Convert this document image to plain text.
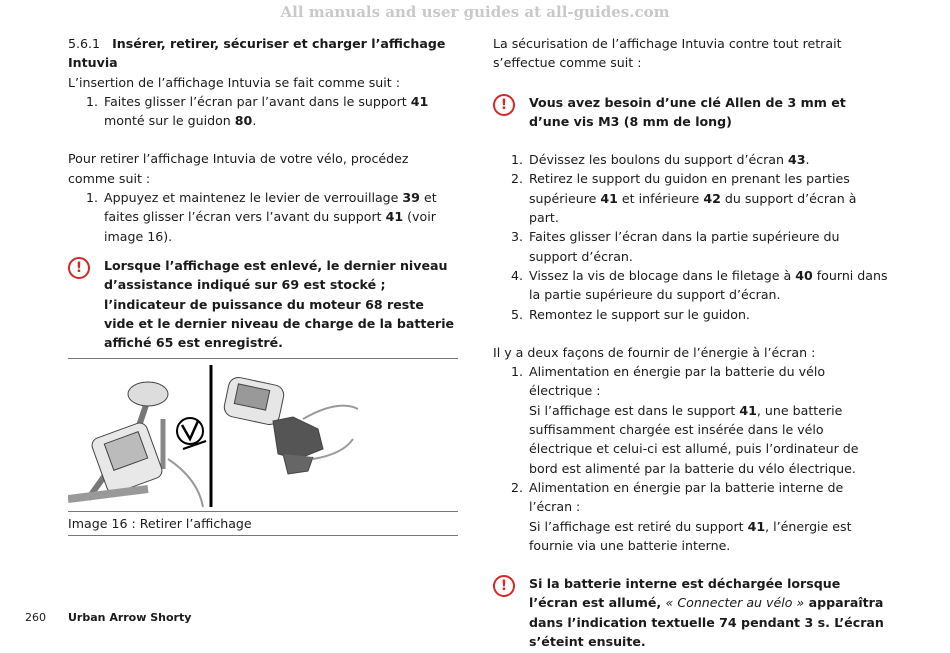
All manuals and user guides at all-guides.com

5.6.1 Insérer, retirer, sécuriser et charger l’affichage Intuvia

L’insertion de l’affichage Intuvia se fait comme suit :

1. Faites glisser l’écran par l’avant dans le support 41 monté sur le guidon 80.

Pour retirer l’affichage Intuvia de votre vélo, procédez comme suit :

1. Appuyez et maintenez le levier de verrouillage 39 et faites glisser l’écran vers l’avant du support 41 (voir image 16).
!	Lorsque l’affichage est enlevé, le dernier niveau d’assistance indiqué sur 69 est stocké ; l’indicateur de puissance du moteur 68 reste vide et le dernier niveau de charge de la batterie affiché 65 est enregistré.

Image 16 : Retirer l’affichage

La sécurisation de l’affichage Intuvia contre tout retrait s’effectue comme suit :

!	Vous avez besoin d’une clé Allen de 3 mm et d’une vis M3 (8 mm de long)
1. Dévissez les boulons du support d’écran 43.
2. Retirez le support du guidon en prenant les parties supérieure 41 et inférieure 42 du support d’écran à part.
3. Faites glisser l’écran dans la partie supérieure du support d’écran.
4. Vissez la vis de blocage dans le filetage à 40 fourni dans la partie supérieure du support d’écran.
5. Remontez le support sur le guidon.

Il y a deux façons de fournir de l’énergie à l’écran :

1. Alimentation en énergie par la batterie du vélo électrique :
Si l’affichage est dans le support 41, une batterie suffisamment chargée est insérée dans le vélo électrique et celui-ci est allumé, puis l’ordinateur de bord est alimenté par la batterie du vélo électrique.
2. Alimentation en énergie par la batterie interne de l’écran :
Si l’affichage est retiré du support 41, l’énergie est fournie via une batterie interne.
!	Si la batterie interne est déchargée lorsque l’écran est allumé, « Connecter au vélo » apparaîtra dans l’indication textuelle 74 pendant 3 s. L’écran s’éteint ensuite.
260 Urban Arrow Shorty
